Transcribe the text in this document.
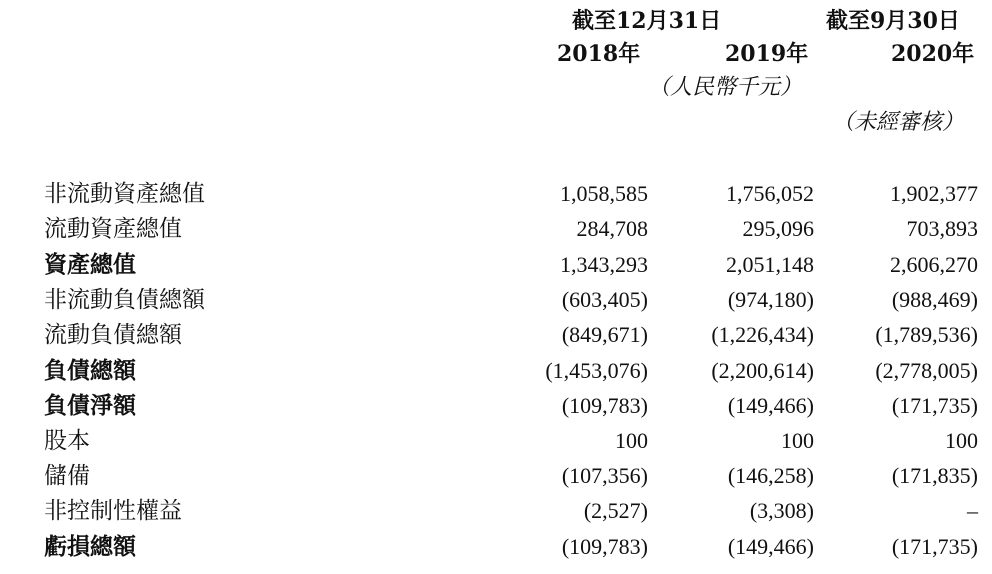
截至12月31日	截至9月30日
2018年	2019年	2020年
（人民幣千元）
（未經審核）
非流動資產總值	1,058,585	1,756,052	1,902,377
流動資產總值	284,708	295,096	703,893
資產總值	1,343,293	2,051,148	2,606,270
非流動負債總額	(603,405)	(974,180)	(988,469)
流動負債總額	(849,671)	(1,226,434)	(1,789,536)
負債總額	(1,453,076)	(2,200,614)	(2,778,005)
負債淨額	(109,783)	(149,466)	(171,735)
股本	100	100	100
儲備	(107,356)	(146,258)	(171,835)
非控制性權益	(2,527)	(3,308)	–
虧損總額	(109,783)	(149,466)	(171,735)
